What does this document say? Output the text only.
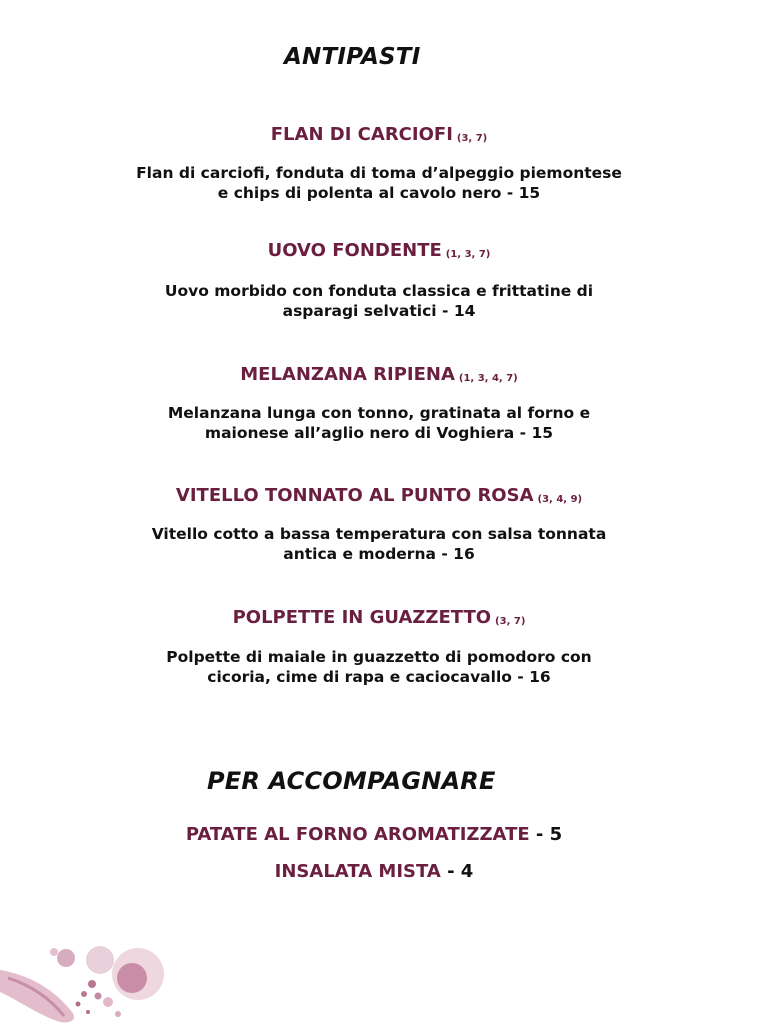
ANTIPASTI
FLAN DI CARCIOFI (3, 7)
Flan di carciofi, fonduta di toma d’alpeggio piemontese
e chips di polenta al cavolo nero - 15
UOVO FONDENTE (1, 3, 7)
Uovo morbido con fonduta classica e frittatine di
asparagi selvatici - 14
MELANZANA RIPIENA (1, 3, 4, 7)
Melanzana lunga con tonno, gratinata al forno e
maionese all’aglio nero di Voghiera - 15
VITELLO TONNATO AL PUNTO ROSA (3, 4, 9)
Vitello cotto a bassa temperatura con salsa tonnata
antica e moderna - 16
POLPETTE IN GUAZZETTO (3, 7)
Polpette di maiale in guazzetto di pomodoro con
cicoria, cime di rapa e caciocavallo - 16
PER ACCOMPAGNARE
PATATE AL FORNO AROMATIZZATE - 5
INSALATA MISTA - 4
